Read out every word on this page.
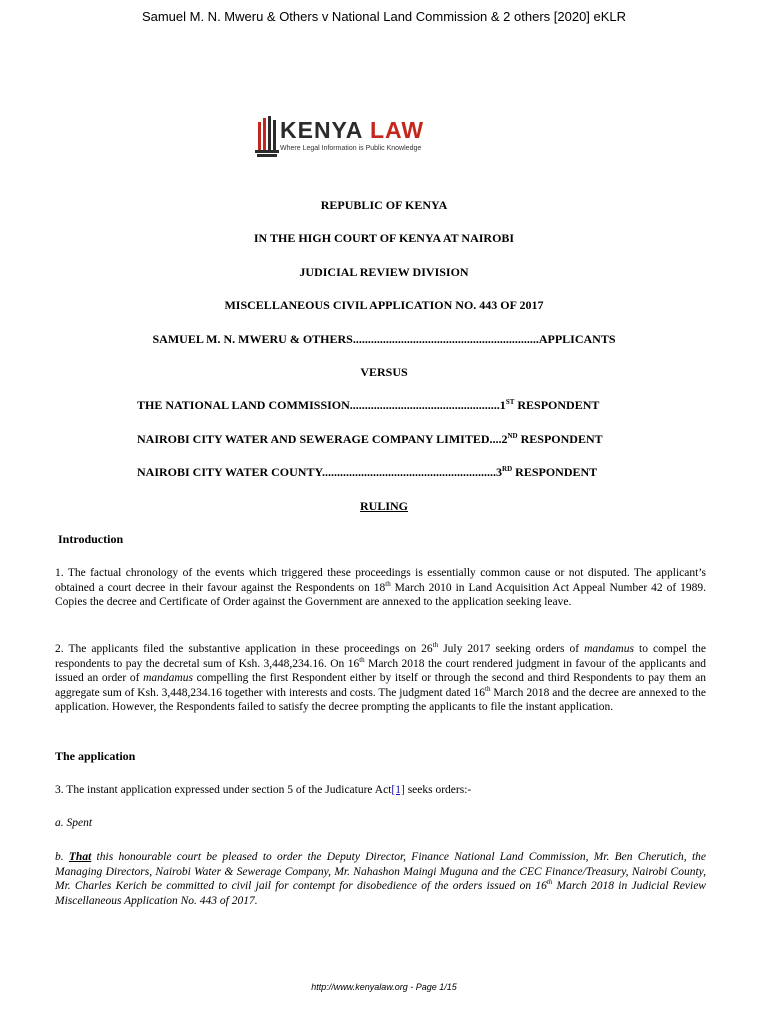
Samuel M. N. Mweru & Others v National Land Commission & 2 others [2020] eKLR
KENYA LAW
Where Legal Information is Public Knowledge
REPUBLIC OF KENYA
IN THE HIGH COURT OF KENYA AT NAIROBI
JUDICIAL REVIEW DIVISION
MISCELLANEOUS CIVIL APPLICATION NO. 443 OF 2017
SAMUEL M. N. MWERU & OTHERS..............................................................APPLICANTS
VERSUS
THE NATIONAL LAND COMMISSION..................................................1ST RESPONDENT
NAIROBI CITY WATER AND SEWERAGE COMPANY LIMITED....2ND RESPONDENT
NAIROBI CITY WATER COUNTY..........................................................3RD RESPONDENT
RULING
Introduction

1. The factual chronology of the events which triggered these proceedings is essentially common cause or not disputed. The applicant’s obtained a court decree in their favour against the Respondents on 18th March 2010 in Land Acquisition Act Appeal Number 42 of 1989. Copies the decree and Certificate of Order against the Government are annexed to the application seeking leave.

2. The applicants filed the substantive application in these proceedings on 26th July 2017 seeking orders of mandamus to compel the respondents to pay the decretal sum of Ksh. 3,448,234.16. On 16th March 2018 the court rendered judgment in favour of the applicants and issued an order of mandamus compelling the first Respondent either by itself or through the second and third Respondents to pay them an aggregate sum of Ksh. 3,448,234.16 together with interests and costs. The judgment dated 16th March 2018 and the decree are annexed to the application. However, the Respondents failed to satisfy the decree prompting the applicants to file the instant application.

The application

3. The instant application expressed under section 5 of the Judicature Act[1] seeks orders:-

a. Spent

b. That this honourable court be pleased to order the Deputy Director, Finance National Land Commission, Mr. Ben Cherutich, the Managing Directors, Nairobi Water & Sewerage Company, Mr. Nahashon Maingi Muguna and the CEC Finance/Treasury, Nairobi County, Mr. Charles Kerich be committed to civil jail for contempt for disobedience of the orders issued on 16th March 2018 in Judicial Review Miscellaneous Application No. 443 of 2017.

http://www.kenyalaw.org - Page 1/15
